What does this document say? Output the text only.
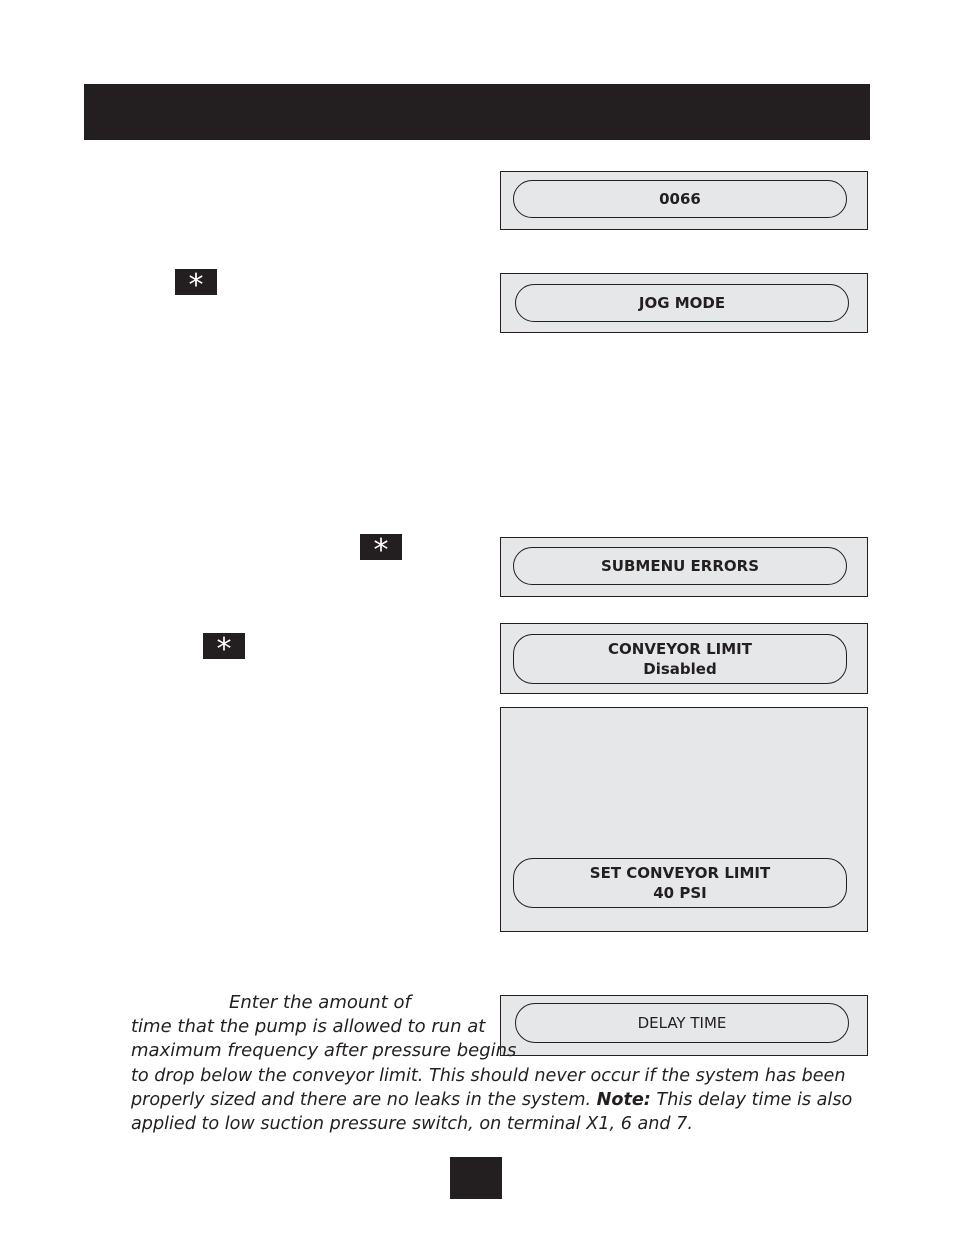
0066
*	JOG MODE
*	SUBMENU ERRORS
*	CONVEYOR LIMIT
Disabled
SET CONVEYOR LIMIT
40 PSI
DELAY TIME
Enter the amount of
time that the pump is allowed to run at
maximum frequency after pressure begins
to drop below the conveyor limit. This should never occur if the system has been
properly sized and there are no leaks in the system. Note: This delay time is also
applied to low suction pressure switch, on terminal X1, 6 and 7.
